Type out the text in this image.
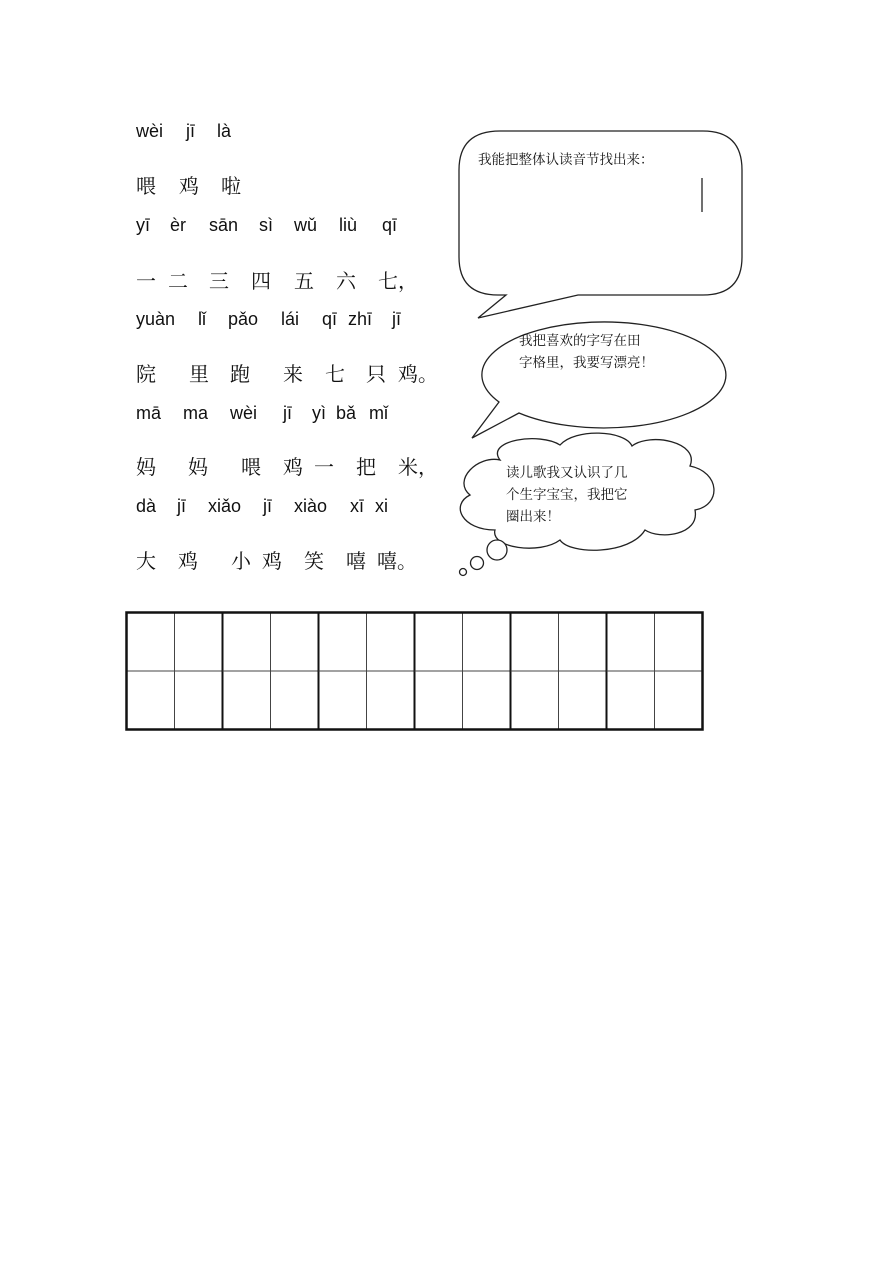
wèi jī là
喂 鸡 啦
yī èr sān sì wǔ liù qī
一 二 三 四 五 六 七，
yuàn lǐ pǎo lái qī zhī jī
院 里 跑 来 七 只 鸡。
mā ma wèi jī yì bǎ mǐ
妈 妈 喂 鸡 一 把 米，
dà jī xiǎo jī xiào xī xi
大 鸡 小 鸡 笑 嘻 嘻。
我能把整体认读音节找出来：
我把喜欢的字写在田
字格里，我要写漂亮！
读儿歌我又认识了几
个生字宝宝，我把它
圈出来！
